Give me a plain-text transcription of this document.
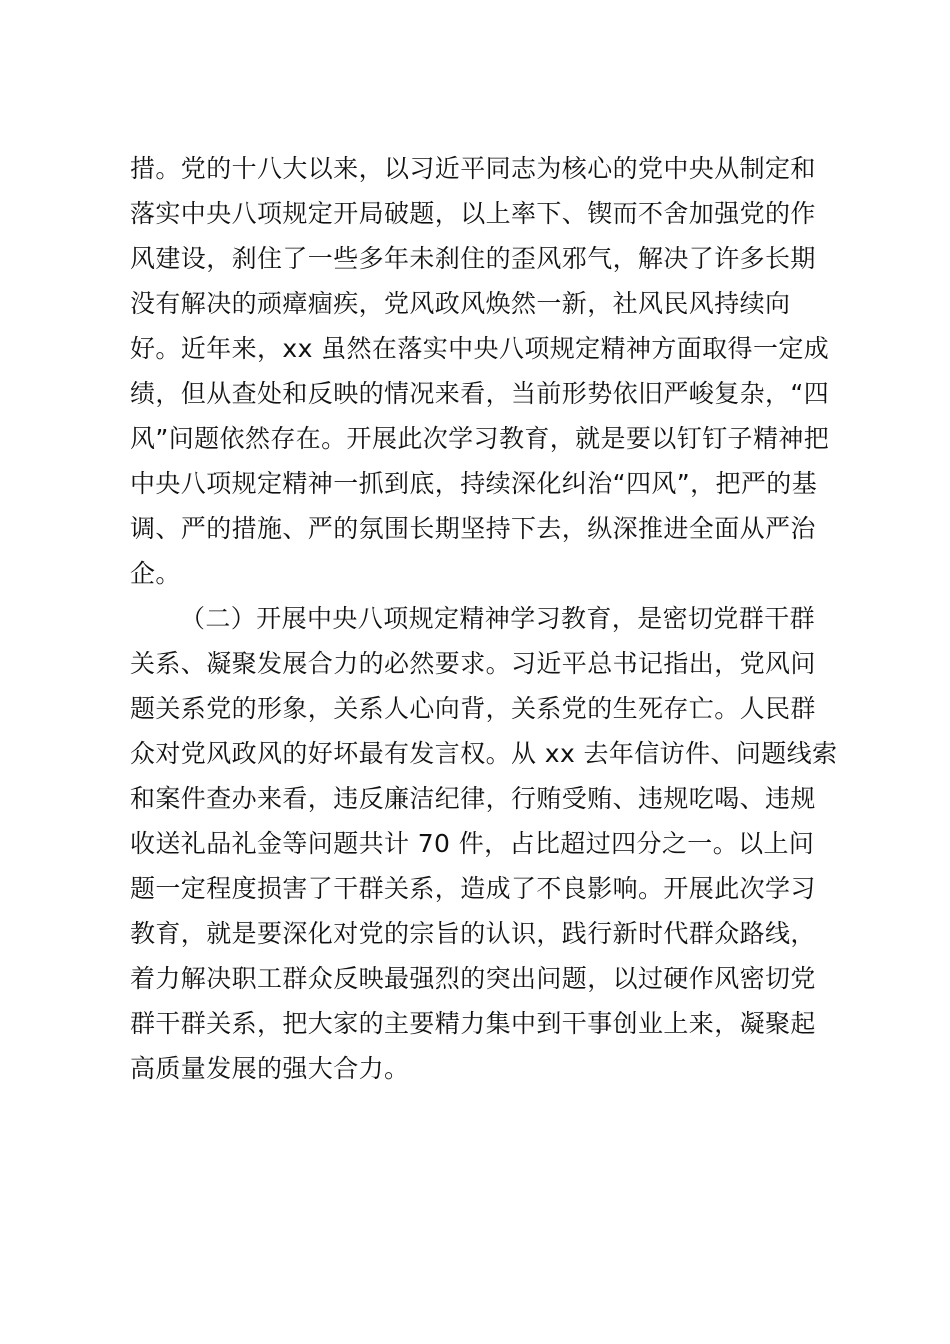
措。党的十八大以来，以习近平同志为核心的党中央从制定和
落实中央八项规定开局破题，以上率下、锲而不舍加强党的作
风建设，刹住了一些多年未刹住的歪风邪气，解决了许多长期
没有解决的顽瘴痼疾，党风政风焕然一新，社风民风持续向
好。近年来，xx 虽然在落实中央八项规定精神方面取得一定成
绩，但从查处和反映的情况来看，当前形势依旧严峻复杂，“四
风”问题依然存在。开展此次学习教育，就是要以钉钉子精神把
中央八项规定精神一抓到底，持续深化纠治“四风”，把严的基
调、严的措施、严的氛围长期坚持下去，纵深推进全面从严治
企。
（二）开展中央八项规定精神学习教育，是密切党群干群
关系、凝聚发展合力的必然要求。习近平总书记指出，党风问
题关系党的形象，关系人心向背，关系党的生死存亡。人民群
众对党风政风的好坏最有发言权。从 xx 去年信访件、问题线索
和案件查办来看，违反廉洁纪律，行贿受贿、违规吃喝、违规
收送礼品礼金等问题共计 70 件，占比超过四分之一。以上问
题一定程度损害了干群关系，造成了不良影响。开展此次学习
教育，就是要深化对党的宗旨的认识，践行新时代群众路线，
着力解决职工群众反映最强烈的突出问题，以过硬作风密切党
群干群关系，把大家的主要精力集中到干事创业上来，凝聚起
高质量发展的强大合力。
